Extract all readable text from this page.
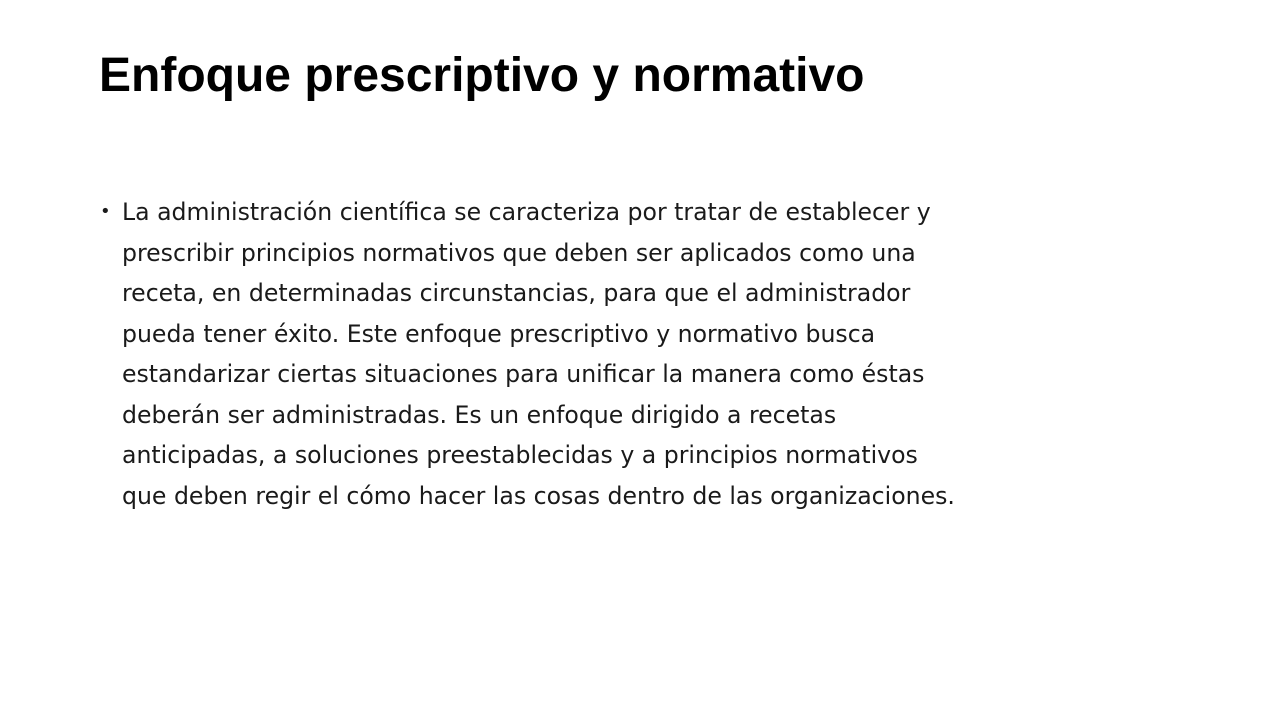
Enfoque prescriptivo y normativo
• La administración científica se caracteriza por tratar de establecer y
prescribir principios normativos que deben ser aplicados como una
receta, en determinadas circunstancias, para que el administrador
pueda tener éxito. Este enfoque prescriptivo y normativo busca
estandarizar ciertas situaciones para unificar la manera como éstas
deberán ser administradas. Es un enfoque dirigido a recetas
anticipadas, a soluciones preestablecidas y a principios normativos
que deben regir el cómo hacer las cosas dentro de las organizaciones.
